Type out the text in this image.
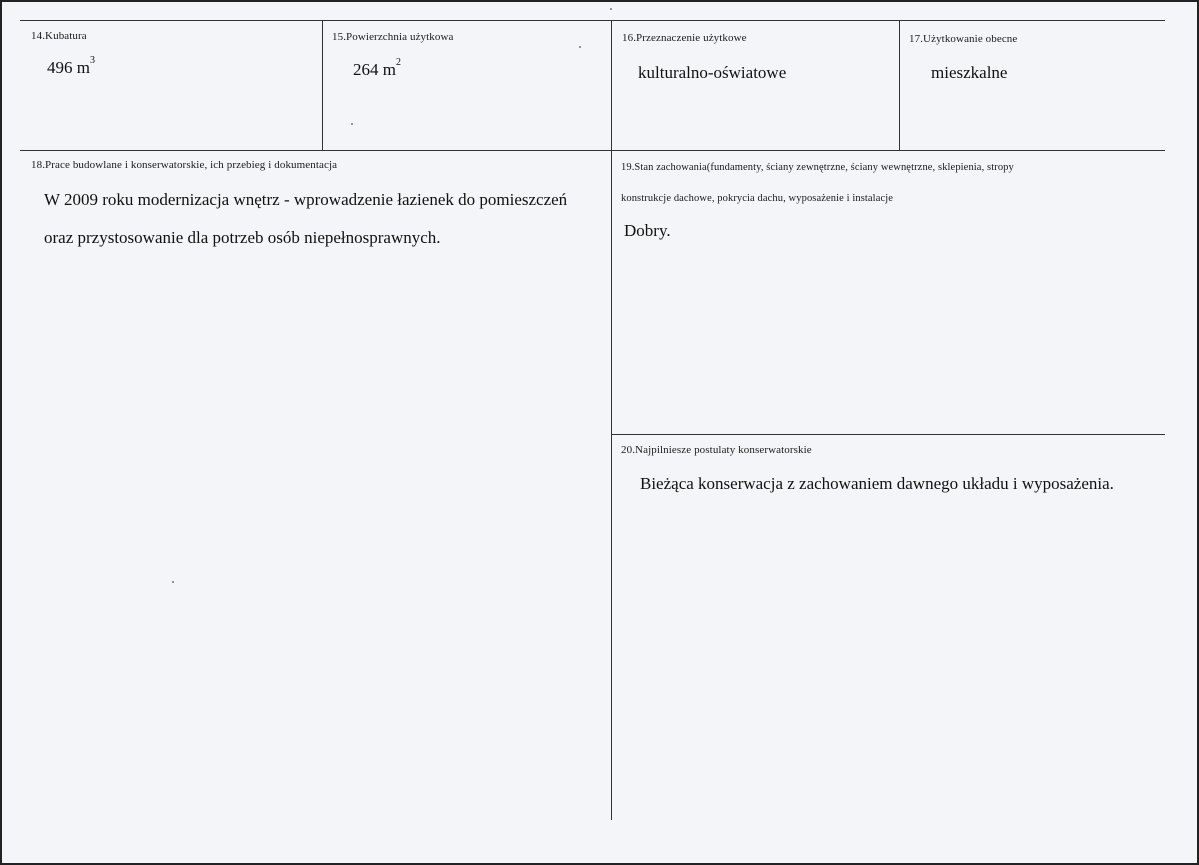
14.Kubatura
496 $m^3$
15.Powierzchnia użytkowa
264 $m^2$
16.Przeznaczenie użytkowe
kulturalno-oświatowe
17.Użytkowanie obecne
mieszkalne
18.Prace budowlane i konserwatorskie, ich przebieg i dokumentacja
W 2009 roku modernizacja wnętrz - wprowadzenie łazienek do pomieszczeń
oraz przystosowanie dla potrzeb osób niepełnosprawnych.
19.Stan zachowania(fundamenty, ściany zewnętrzne, ściany wewnętrzne, sklepienia, stropy
konstrukcje dachowe, pokrycia dachu, wyposażenie i instalacje
Dobry.
20.Najpilniesze postulaty konserwatorskie
Bieżąca konserwacja z zachowaniem dawnego układu i wyposażenia.
